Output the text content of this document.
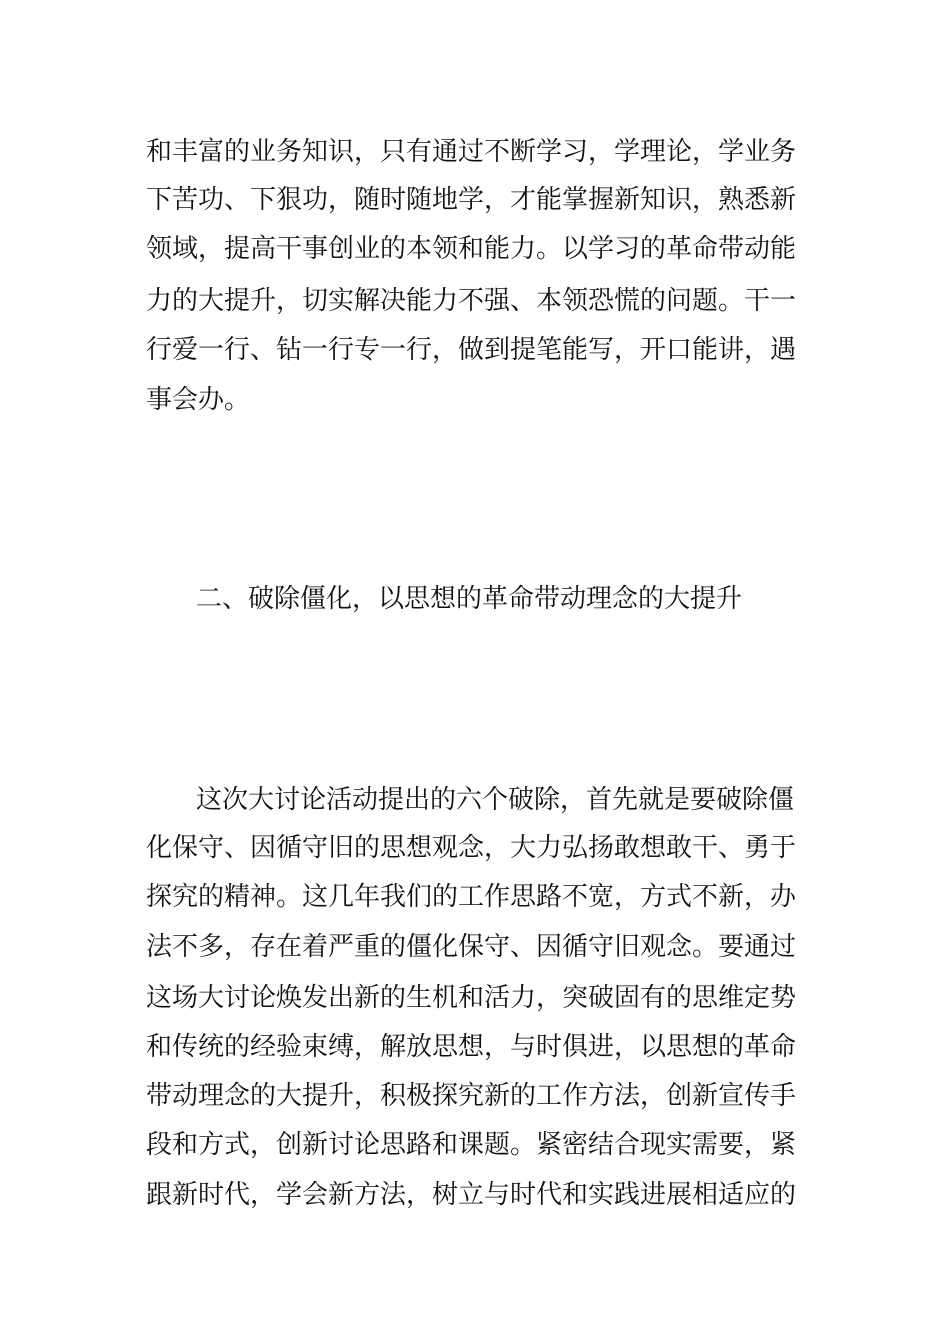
和丰富的业务知识，只有通过不断学习，学理论，学业务
下苦功、下狠功，随时随地学，才能掌握新知识，熟悉新
领域，提高干事创业的本领和能力。以学习的革命带动能
力的大提升，切实解决能力不强、本领恐慌的问题。干一
行爱一行、钻一行专一行，做到提笔能写，开口能讲，遇
事会办。
二、破除僵化，以思想的革命带动理念的大提升
这次大讨论活动提出的六个破除，首先就是要破除僵
化保守、因循守旧的思想观念，大力弘扬敢想敢干、勇于
探究的精神。这几年我们的工作思路不宽，方式不新，办
法不多，存在着严重的僵化保守、因循守旧观念。要通过
这场大讨论焕发出新的生机和活力，突破固有的思维定势
和传统的经验束缚，解放思想，与时俱进，以思想的革命
带动理念的大提升，积极探究新的工作方法，创新宣传手
段和方式，创新讨论思路和课题。紧密结合现实需要，紧
跟新时代，学会新方法，树立与时代和实践进展相适应的
